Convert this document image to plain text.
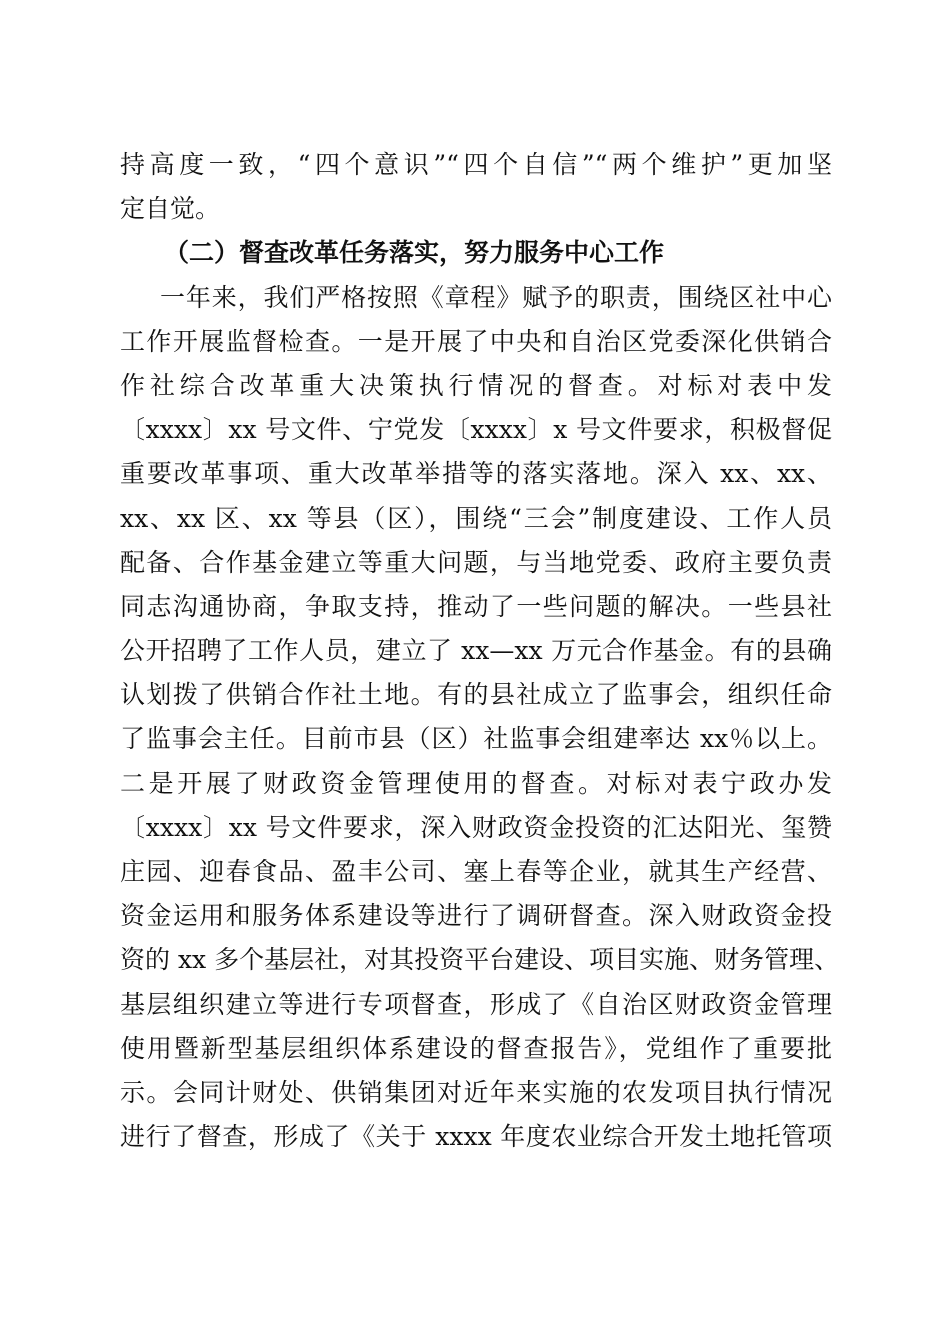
持高度一致，“四个意识”“四个自信”“两个维护”更加坚
定自觉。
（二）督查改革任务落实，努力服务中心工作
一年来，我们严格按照《章程》赋予的职责，围绕区社中心
工作开展监督检查。一是开展了中央和自治区党委深化供销合
作社综合改革重大决策执行情况的督查。对标对表中发
〔xxxx〕xx 号文件、宁党发〔xxxx〕x 号文件要求，积极督促
重要改革事项、重大改革举措等的落实落地。深入 xx、xx、
xx、xx 区、xx 等县（区），围绕“三会”制度建设、工作人员
配备、合作基金建立等重大问题，与当地党委、政府主要负责
同志沟通协商，争取支持，推动了一些问题的解决。一些县社
公开招聘了工作人员，建立了 xx—xx 万元合作基金。有的县确
认划拨了供销合作社土地。有的县社成立了监事会，组织任命
了监事会主任。目前市县（区）社监事会组建率达 xx％以上。
二是开展了财政资金管理使用的督查。对标对表宁政办发
〔xxxx〕xx 号文件要求，深入财政资金投资的汇达阳光、玺赞
庄园、迎春食品、盈丰公司、塞上春等企业，就其生产经营、
资金运用和服务体系建设等进行了调研督查。深入财政资金投
资的 xx 多个基层社，对其投资平台建设、项目实施、财务管理、
基层组织建立等进行专项督查，形成了《自治区财政资金管理
使用暨新型基层组织体系建设的督查报告》，党组作了重要批
示。会同计财处、供销集团对近年来实施的农发项目执行情况
进行了督查，形成了《关于 xxxx 年度农业综合开发土地托管项
